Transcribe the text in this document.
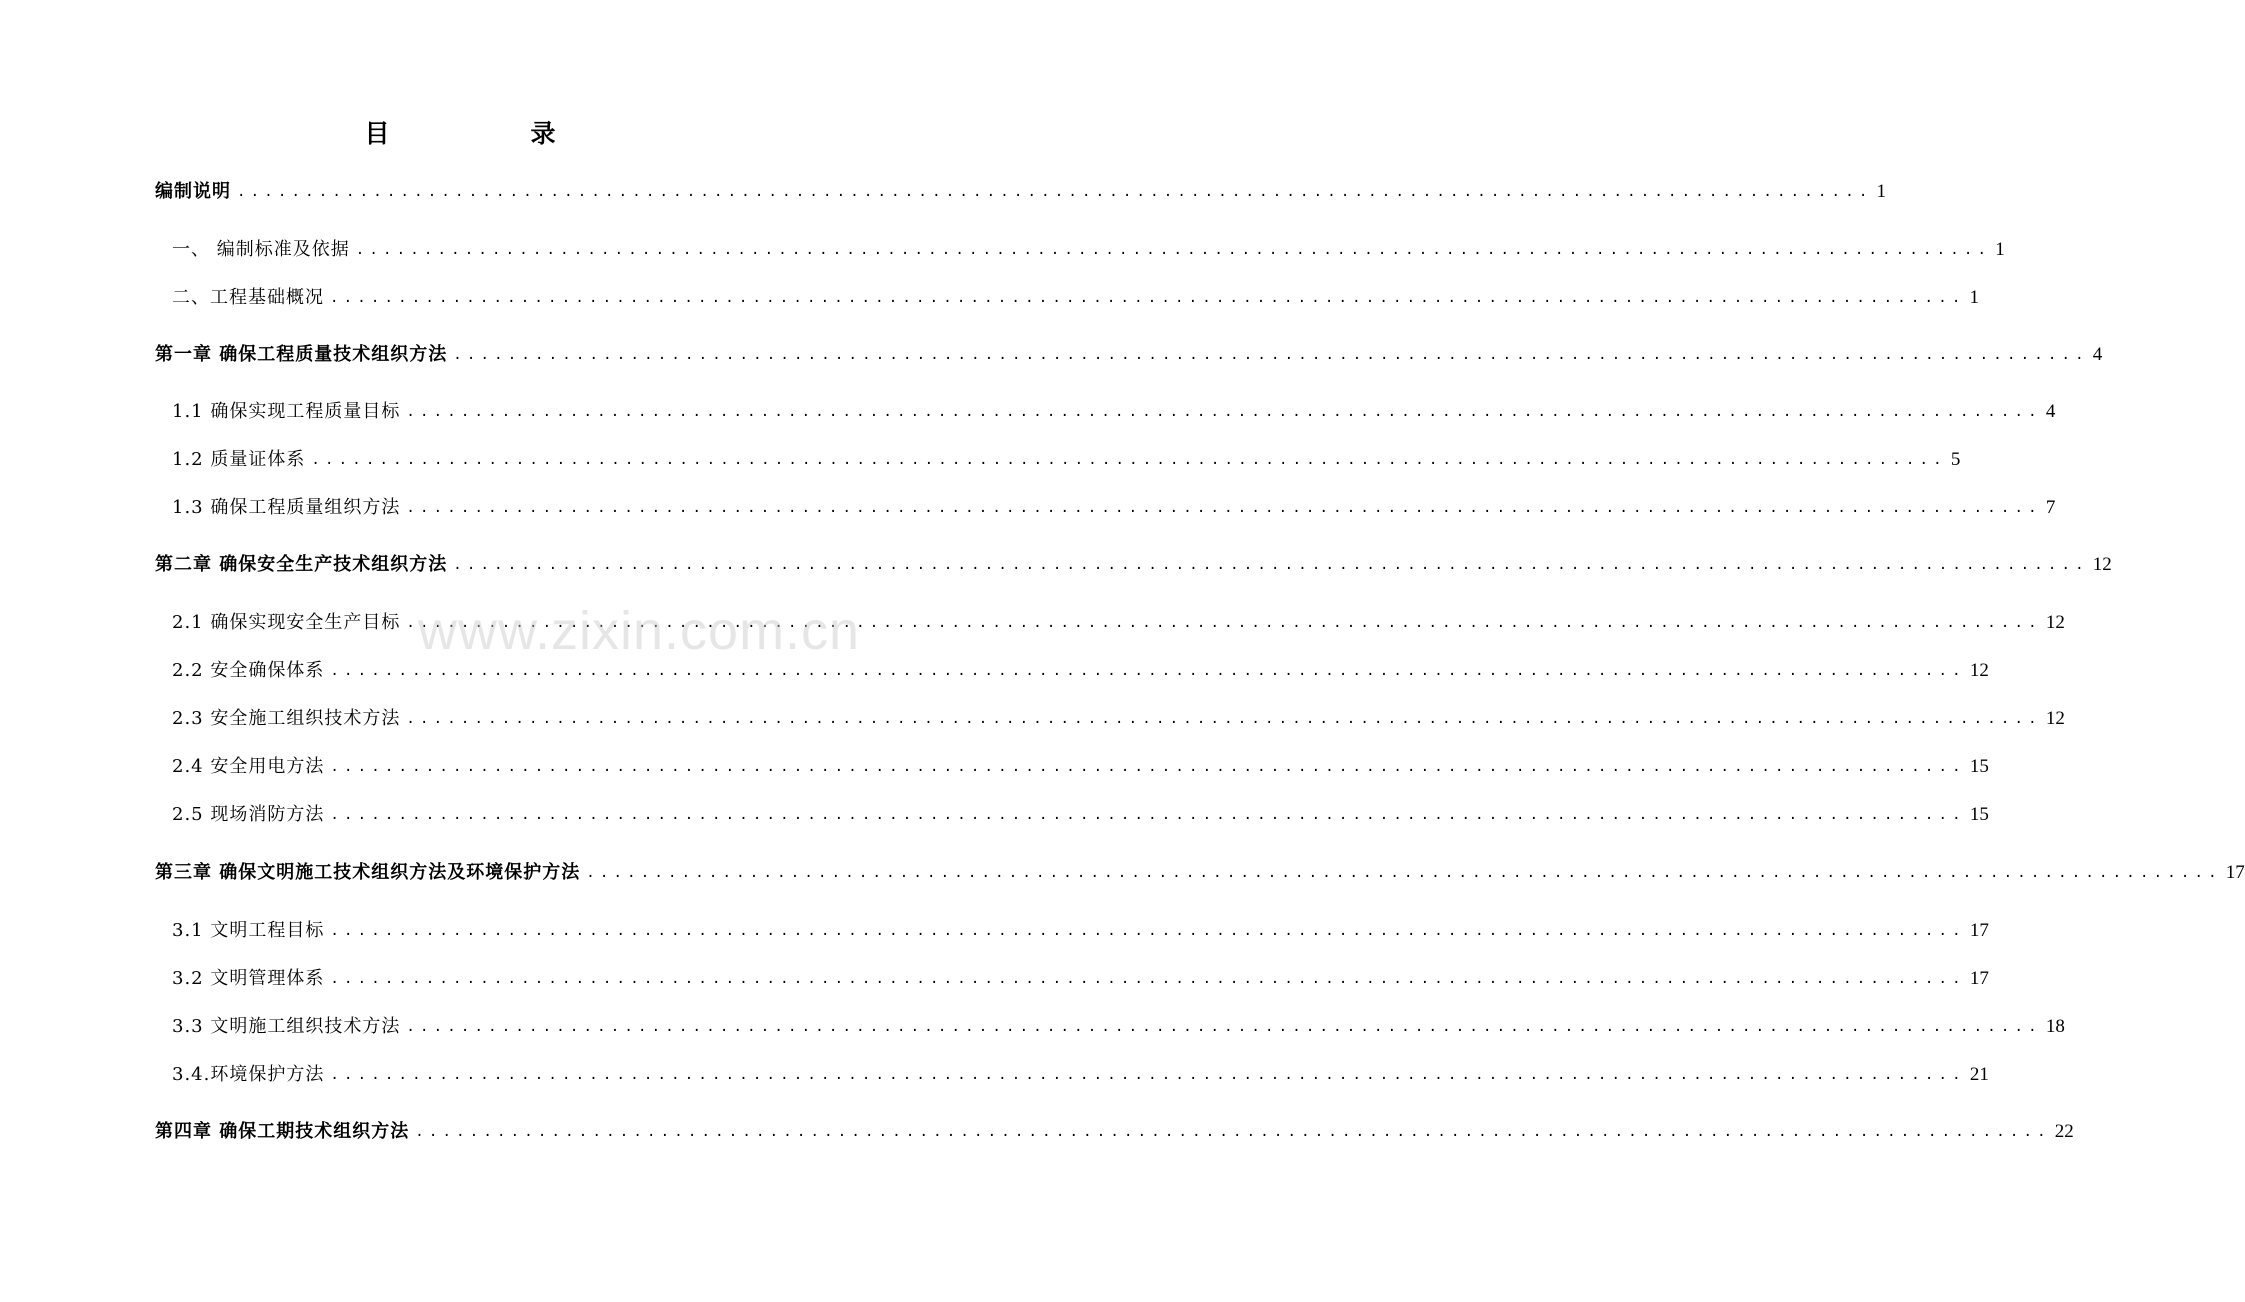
目　录
编制说明 ........................................................................................................................ 1
一、 编制标准及依据 ........................................................................................................................ 1
二、工程基础概况 ........................................................................................................................ 1
第一章 确保工程质量技术组织方法 ........................................................................................................................ 4
1.1 确保实现工程质量目标 ........................................................................................................................ 4
1.2 质量证体系 ........................................................................................................................ 5
1.3 确保工程质量组织方法 ........................................................................................................................ 7
第二章 确保安全生产技术组织方法 ........................................................................................................................ 12
2.1 确保实现安全生产目标 ........................................................................................................................ 12
2.2 安全确保体系 ........................................................................................................................ 12
2.3 安全施工组织技术方法 ........................................................................................................................ 12
2.4 安全用电方法 ........................................................................................................................ 15
2.5 现场消防方法 ........................................................................................................................ 15
第三章 确保文明施工技术组织方法及环境保护方法 ........................................................................................................................ 17
3.1 文明工程目标 ........................................................................................................................ 17
3.2 文明管理体系 ........................................................................................................................ 17
3.3 文明施工组织技术方法 ........................................................................................................................ 18
3.4.环境保护方法 ........................................................................................................................ 21
第四章 确保工期技术组织方法 ........................................................................................................................ 22
www.zixin.com.cn
